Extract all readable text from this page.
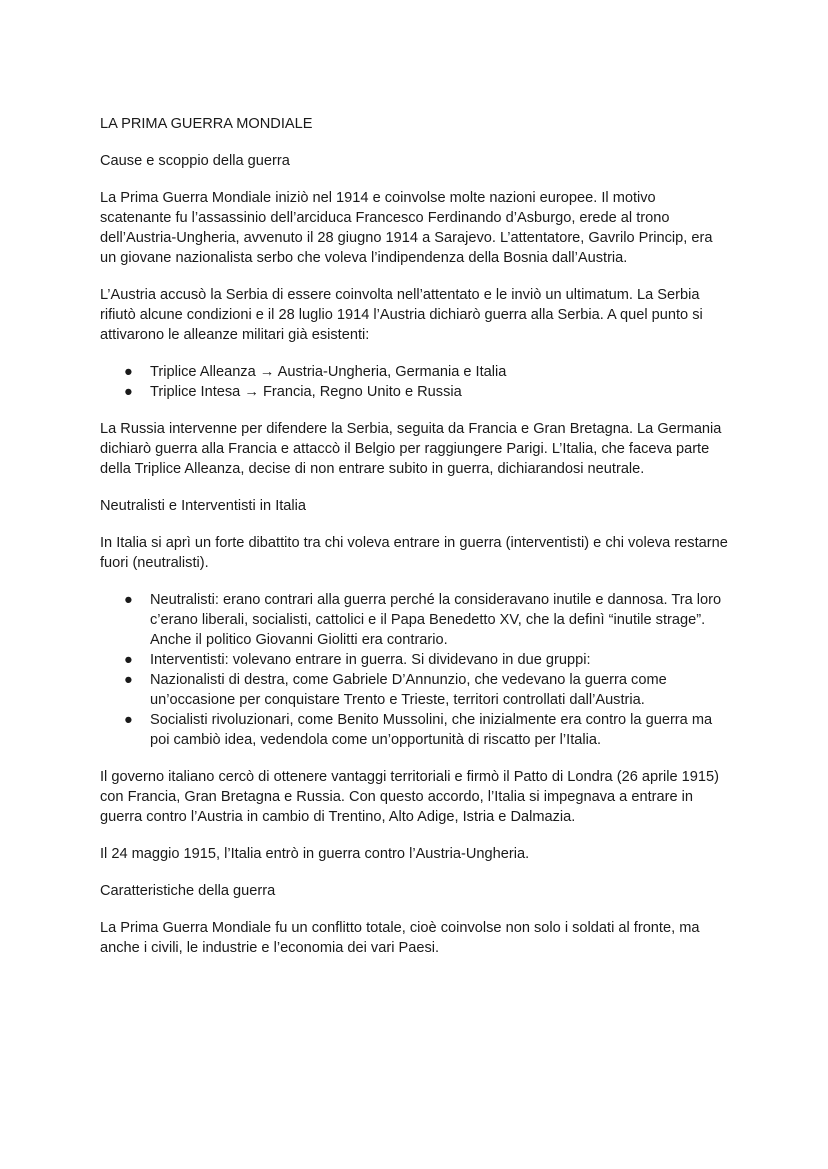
LA PRIMA GUERRA MONDIALE

Cause e scoppio della guerra

La Prima Guerra Mondiale iniziò nel 1914 e coinvolse molte nazioni europee. Il motivo scatenante fu l’assassinio dell’arciduca Francesco Ferdinando d’Asburgo, erede al trono dell’Austria-Ungheria, avvenuto il 28 giugno 1914 a Sarajevo. L’attentatore, Gavrilo Princip, era un giovane nazionalista serbo che voleva l’indipendenza della Bosnia dall’Austria.

L’Austria accusò la Serbia di essere coinvolta nell’attentato e le inviò un ultimatum. La Serbia rifiutò alcune condizioni e il 28 luglio 1914 l’Austria dichiarò guerra alla Serbia. A quel punto si attivarono le alleanze militari già esistenti:

● Triplice Alleanza → Austria-Ungheria, Germania e Italia
● Triplice Intesa → Francia, Regno Unito e Russia

La Russia intervenne per difendere la Serbia, seguita da Francia e Gran Bretagna. La Germania dichiarò guerra alla Francia e attaccò il Belgio per raggiungere Parigi. L’Italia, che faceva parte della Triplice Alleanza, decise di non entrare subito in guerra, dichiarandosi neutrale.

Neutralisti e Interventisti in Italia

In Italia si aprì un forte dibattito tra chi voleva entrare in guerra (interventisti) e chi voleva restarne fuori (neutralisti).

● Neutralisti: erano contrari alla guerra perché la consideravano inutile e dannosa. Tra loro c’erano liberali, socialisti, cattolici e il Papa Benedetto XV, che la definì “inutile strage”. Anche il politico Giovanni Giolitti era contrario.
● Interventisti: volevano entrare in guerra. Si dividevano in due gruppi:
● Nazionalisti di destra, come Gabriele D’Annunzio, che vedevano la guerra come un’occasione per conquistare Trento e Trieste, territori controllati dall’Austria.
● Socialisti rivoluzionari, come Benito Mussolini, che inizialmente era contro la guerra ma poi cambiò idea, vedendola come un’opportunità di riscatto per l’Italia.

Il governo italiano cercò di ottenere vantaggi territoriali e firmò il Patto di Londra (26 aprile 1915) con Francia, Gran Bretagna e Russia. Con questo accordo, l’Italia si impegnava a entrare in guerra contro l’Austria in cambio di Trentino, Alto Adige, Istria e Dalmazia.

Il 24 maggio 1915, l’Italia entrò in guerra contro l’Austria-Ungheria.

Caratteristiche della guerra

La Prima Guerra Mondiale fu un conflitto totale, cioè coinvolse non solo i soldati al fronte, ma anche i civili, le industrie e l’economia dei vari Paesi.
